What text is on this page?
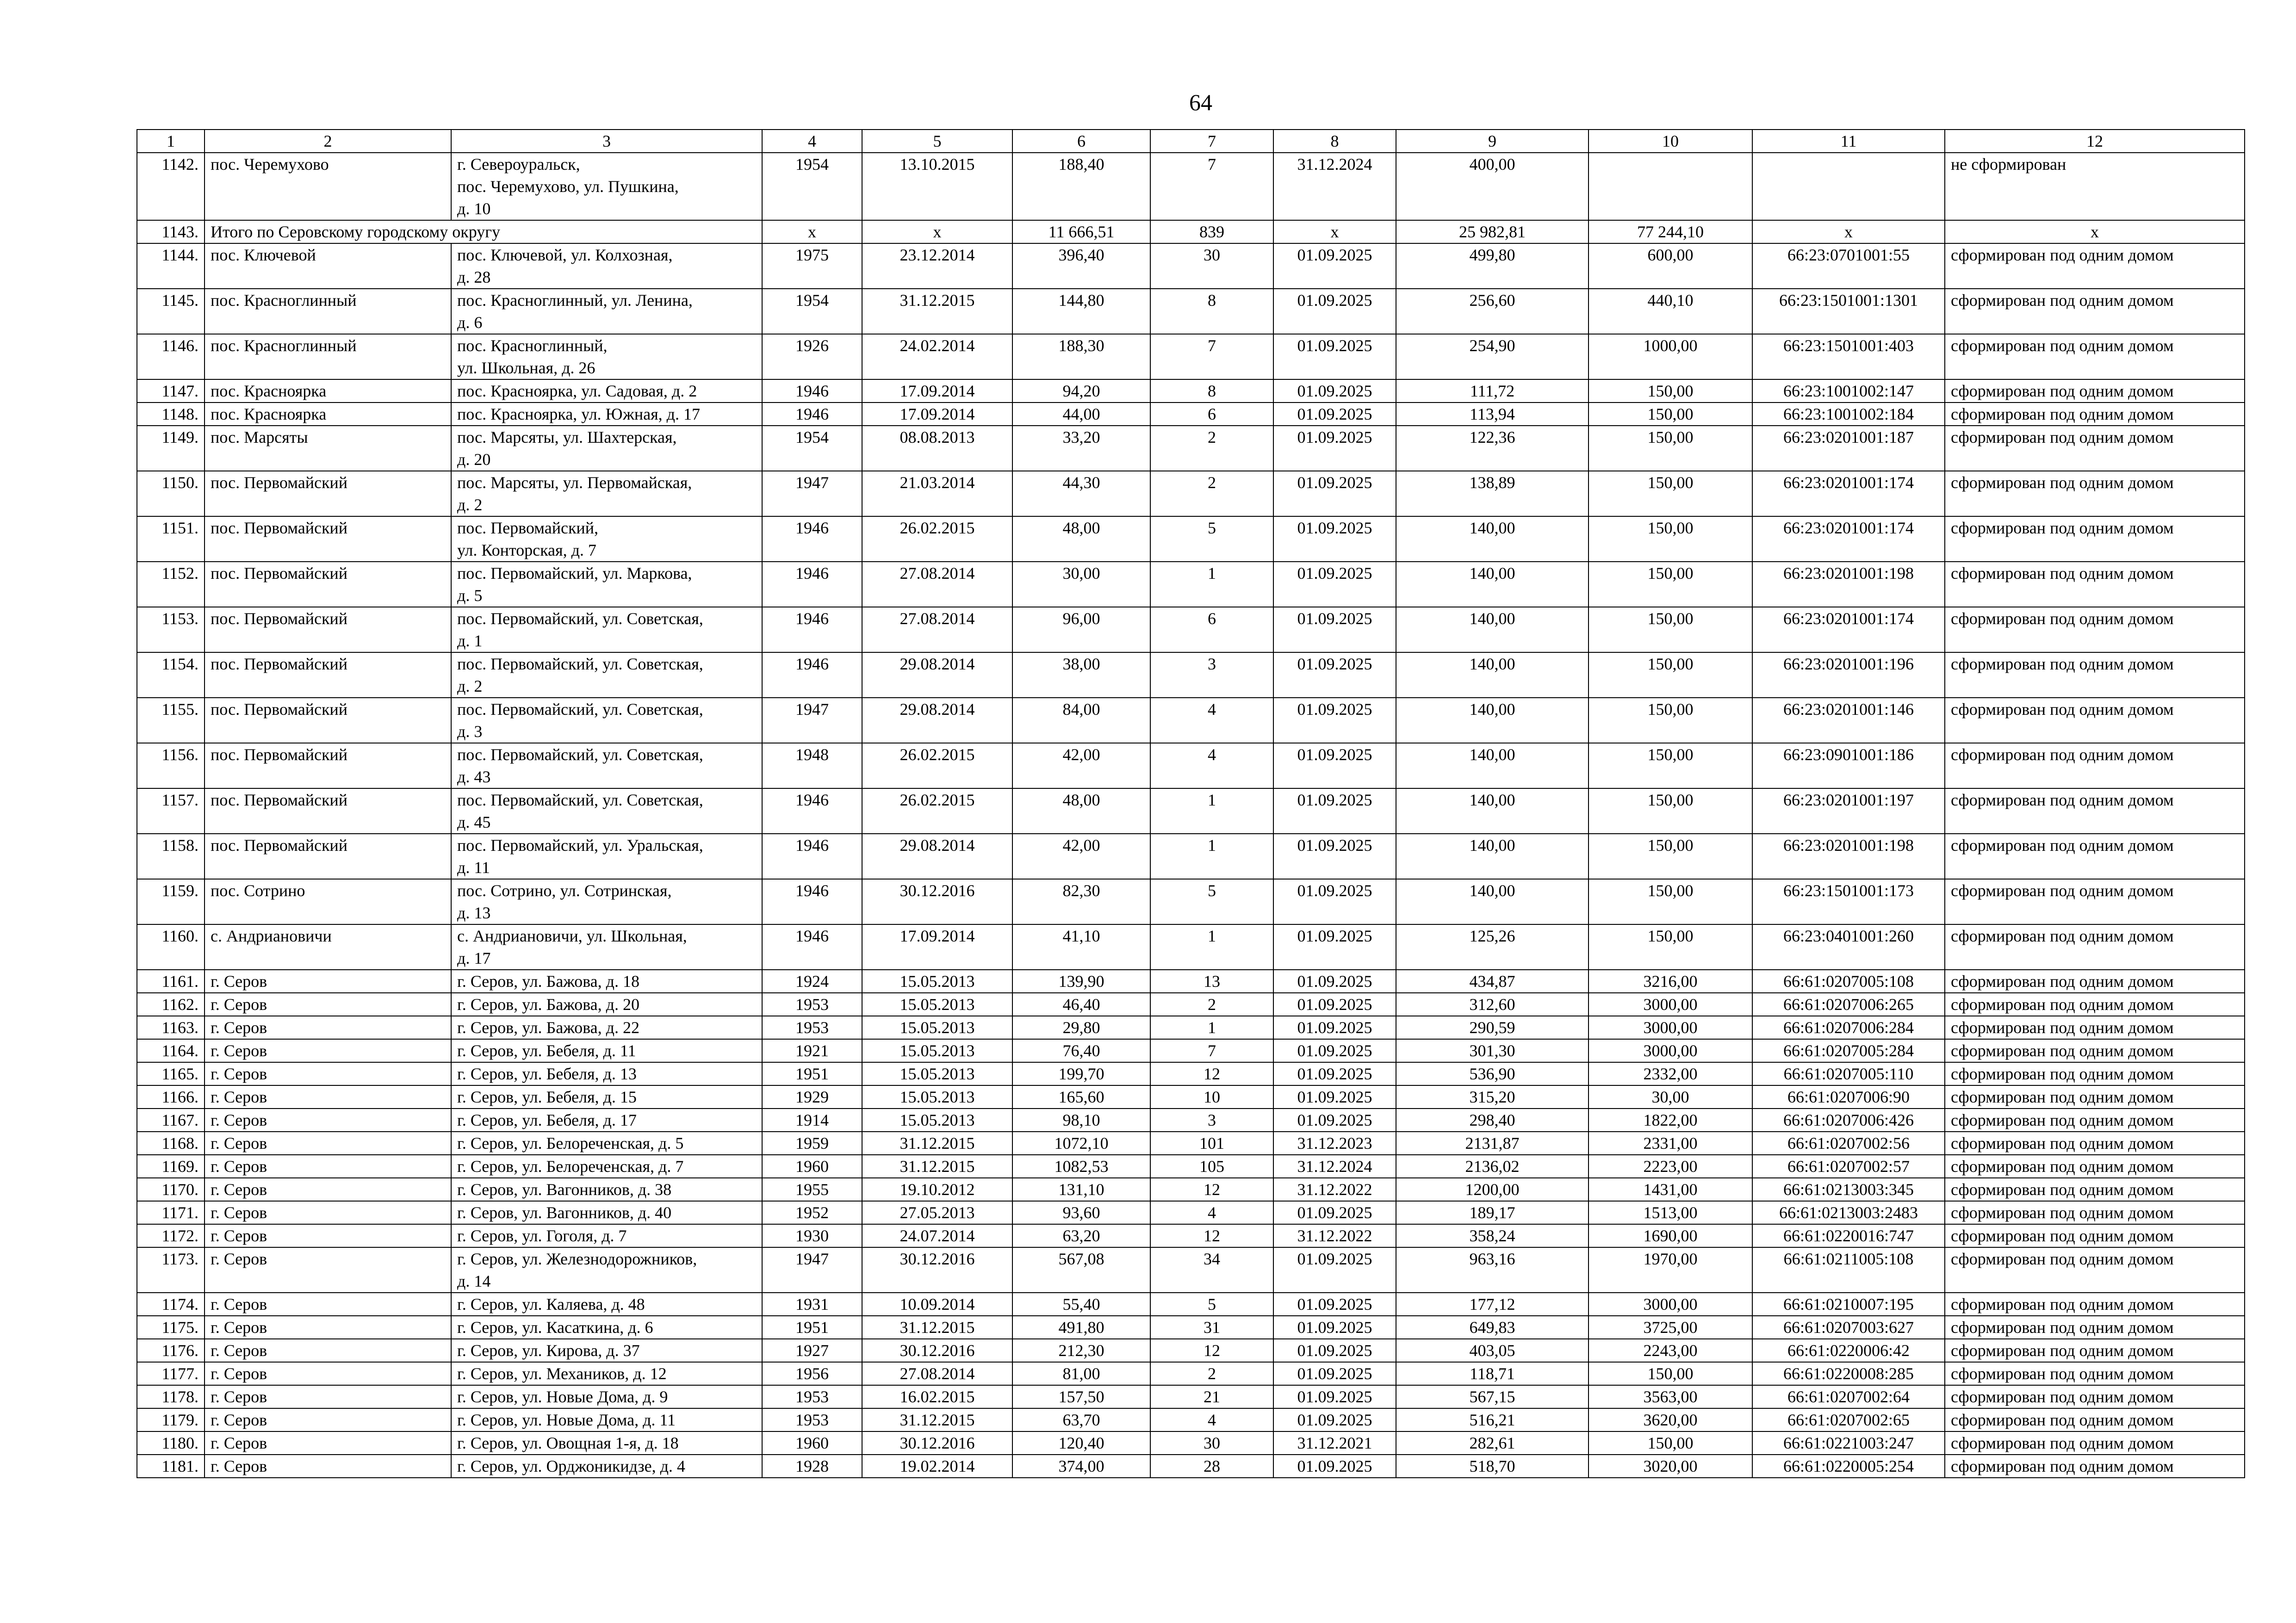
64
1	2	3	4	5	6	7	8	9	10	11	12
1142.	пос. Черемухово	г. Североуральск,
пос. Черемухово, ул. Пушкина,
д. 10	1954	13.10.2015	188,40	7	31.12.2024	400,00			не сформирован
1143.	Итого по Серовскому городскому округу		х	х	11 666,51	839	х	25 982,81	77 244,10	х	х
1144.	пос. Ключевой	пос. Ключевой, ул. Колхозная,
д. 28	1975	23.12.2014	396,40	30	01.09.2025	499,80	600,00	66:23:0701001:55	сформирован под одним домом
1145.	пос. Красноглинный	пос. Красноглинный, ул. Ленина,
д. 6	1954	31.12.2015	144,80	8	01.09.2025	256,60	440,10	66:23:1501001:1301	сформирован под одним домом
1146.	пос. Красноглинный	пос. Красноглинный,
ул. Школьная, д. 26	1926	24.02.2014	188,30	7	01.09.2025	254,90	1000,00	66:23:1501001:403	сформирован под одним домом
1147.	пос. Красноярка	пос. Красноярка, ул. Садовая, д. 2	1946	17.09.2014	94,20	8	01.09.2025	111,72	150,00	66:23:1001002:147	сформирован под одним домом
1148.	пос. Красноярка	пос. Красноярка, ул. Южная, д. 17	1946	17.09.2014	44,00	6	01.09.2025	113,94	150,00	66:23:1001002:184	сформирован под одним домом
1149.	пос. Марсяты	пос. Марсяты, ул. Шахтерская,
д. 20	1954	08.08.2013	33,20	2	01.09.2025	122,36	150,00	66:23:0201001:187	сформирован под одним домом
1150.	пос. Первомайский	пос. Марсяты, ул. Первомайская,
д. 2	1947	21.03.2014	44,30	2	01.09.2025	138,89	150,00	66:23:0201001:174	сформирован под одним домом
1151.	пос. Первомайский	пос. Первомайский,
ул. Конторская, д. 7	1946	26.02.2015	48,00	5	01.09.2025	140,00	150,00	66:23:0201001:174	сформирован под одним домом
1152.	пос. Первомайский	пос. Первомайский, ул. Маркова,
д. 5	1946	27.08.2014	30,00	1	01.09.2025	140,00	150,00	66:23:0201001:198	сформирован под одним домом
1153.	пос. Первомайский	пос. Первомайский, ул. Советская,
д. 1	1946	27.08.2014	96,00	6	01.09.2025	140,00	150,00	66:23:0201001:174	сформирован под одним домом
1154.	пос. Первомайский	пос. Первомайский, ул. Советская,
д. 2	1946	29.08.2014	38,00	3	01.09.2025	140,00	150,00	66:23:0201001:196	сформирован под одним домом
1155.	пос. Первомайский	пос. Первомайский, ул. Советская,
д. 3	1947	29.08.2014	84,00	4	01.09.2025	140,00	150,00	66:23:0201001:146	сформирован под одним домом
1156.	пос. Первомайский	пос. Первомайский, ул. Советская,
д. 43	1948	26.02.2015	42,00	4	01.09.2025	140,00	150,00	66:23:0901001:186	сформирован под одним домом
1157.	пос. Первомайский	пос. Первомайский, ул. Советская,
д. 45	1946	26.02.2015	48,00	1	01.09.2025	140,00	150,00	66:23:0201001:197	сформирован под одним домом
1158.	пос. Первомайский	пос. Первомайский, ул. Уральская,
д. 11	1946	29.08.2014	42,00	1	01.09.2025	140,00	150,00	66:23:0201001:198	сформирован под одним домом
1159.	пос. Сотрино	пос. Сотрино, ул. Сотринская,
д. 13	1946	30.12.2016	82,30	5	01.09.2025	140,00	150,00	66:23:1501001:173	сформирован под одним домом
1160.	с. Андриановичи	с. Андриановичи, ул. Школьная,
д. 17	1946	17.09.2014	41,10	1	01.09.2025	125,26	150,00	66:23:0401001:260	сформирован под одним домом
1161.	г. Серов	г. Серов, ул. Бажова, д. 18	1924	15.05.2013	139,90	13	01.09.2025	434,87	3216,00	66:61:0207005:108	сформирован под одним домом
1162.	г. Серов	г. Серов, ул. Бажова, д. 20	1953	15.05.2013	46,40	2	01.09.2025	312,60	3000,00	66:61:0207006:265	сформирован под одним домом
1163.	г. Серов	г. Серов, ул. Бажова, д. 22	1953	15.05.2013	29,80	1	01.09.2025	290,59	3000,00	66:61:0207006:284	сформирован под одним домом
1164.	г. Серов	г. Серов, ул. Бебеля, д. 11	1921	15.05.2013	76,40	7	01.09.2025	301,30	3000,00	66:61:0207005:284	сформирован под одним домом
1165.	г. Серов	г. Серов, ул. Бебеля, д. 13	1951	15.05.2013	199,70	12	01.09.2025	536,90	2332,00	66:61:0207005:110	сформирован под одним домом
1166.	г. Серов	г. Серов, ул. Бебеля, д. 15	1929	15.05.2013	165,60	10	01.09.2025	315,20	30,00	66:61:0207006:90	сформирован под одним домом
1167.	г. Серов	г. Серов, ул. Бебеля, д. 17	1914	15.05.2013	98,10	3	01.09.2025	298,40	1822,00	66:61:0207006:426	сформирован под одним домом
1168.	г. Серов	г. Серов, ул. Белореченская, д. 5	1959	31.12.2015	1072,10	101	31.12.2023	2131,87	2331,00	66:61:0207002:56	сформирован под одним домом
1169.	г. Серов	г. Серов, ул. Белореченская, д. 7	1960	31.12.2015	1082,53	105	31.12.2024	2136,02	2223,00	66:61:0207002:57	сформирован под одним домом
1170.	г. Серов	г. Серов, ул. Вагонников, д. 38	1955	19.10.2012	131,10	12	31.12.2022	1200,00	1431,00	66:61:0213003:345	сформирован под одним домом
1171.	г. Серов	г. Серов, ул. Вагонников, д. 40	1952	27.05.2013	93,60	4	01.09.2025	189,17	1513,00	66:61:0213003:2483	сформирован под одним домом
1172.	г. Серов	г. Серов, ул. Гоголя, д. 7	1930	24.07.2014	63,20	12	31.12.2022	358,24	1690,00	66:61:0220016:747	сформирован под одним домом
1173.	г. Серов	г. Серов, ул. Железнодорожников,
д. 14	1947	30.12.2016	567,08	34	01.09.2025	963,16	1970,00	66:61:0211005:108	сформирован под одним домом
1174.	г. Серов	г. Серов, ул. Каляева, д. 48	1931	10.09.2014	55,40	5	01.09.2025	177,12	3000,00	66:61:0210007:195	сформирован под одним домом
1175.	г. Серов	г. Серов, ул. Касаткина, д. 6	1951	31.12.2015	491,80	31	01.09.2025	649,83	3725,00	66:61:0207003:627	сформирован под одним домом
1176.	г. Серов	г. Серов, ул. Кирова, д. 37	1927	30.12.2016	212,30	12	01.09.2025	403,05	2243,00	66:61:0220006:42	сформирован под одним домом
1177.	г. Серов	г. Серов, ул. Механиков, д. 12	1956	27.08.2014	81,00	2	01.09.2025	118,71	150,00	66:61:0220008:285	сформирован под одним домом
1178.	г. Серов	г. Серов, ул. Новые Дома, д. 9	1953	16.02.2015	157,50	21	01.09.2025	567,15	3563,00	66:61:0207002:64	сформирован под одним домом
1179.	г. Серов	г. Серов, ул. Новые Дома, д. 11	1953	31.12.2015	63,70	4	01.09.2025	516,21	3620,00	66:61:0207002:65	сформирован под одним домом
1180.	г. Серов	г. Серов, ул. Овощная 1-я, д. 18	1960	30.12.2016	120,40	30	31.12.2021	282,61	150,00	66:61:0221003:247	сформирован под одним домом
1181.	г. Серов	г. Серов, ул. Орджоникидзе, д. 4	1928	19.02.2014	374,00	28	01.09.2025	518,70	3020,00	66:61:0220005:254	сформирован под одним домом
